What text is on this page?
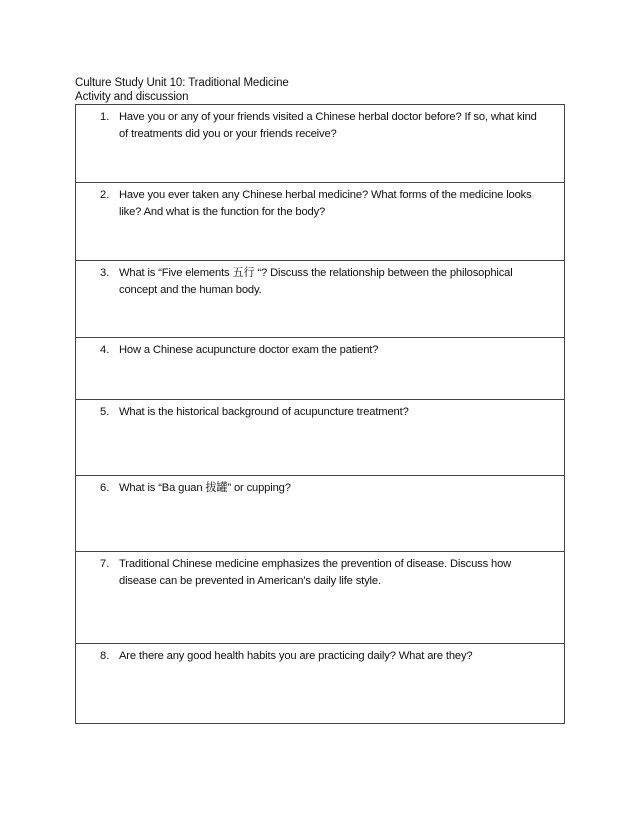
Culture Study Unit 10: Traditional Medicine
Activity and discussion
1. Have you or any of your friends visited a Chinese herbal doctor before? If so, what kind of treatments did you or your friends receive?
2. Have you ever taken any Chinese herbal medicine? What forms of the medicine looks like? And what is the function for the body?
3. What is “Five elements 五行 “? Discuss the relationship between the philosophical concept and the human body.
4. How a Chinese acupuncture doctor exam the patient?
5. What is the historical background of acupuncture treatment?
6. What is “Ba guan 拔罐” or cupping?
7. Traditional Chinese medicine emphasizes the prevention of disease. Discuss how disease can be prevented in American’s daily life style.
8. Are there any good health habits you are practicing daily? What are they?
